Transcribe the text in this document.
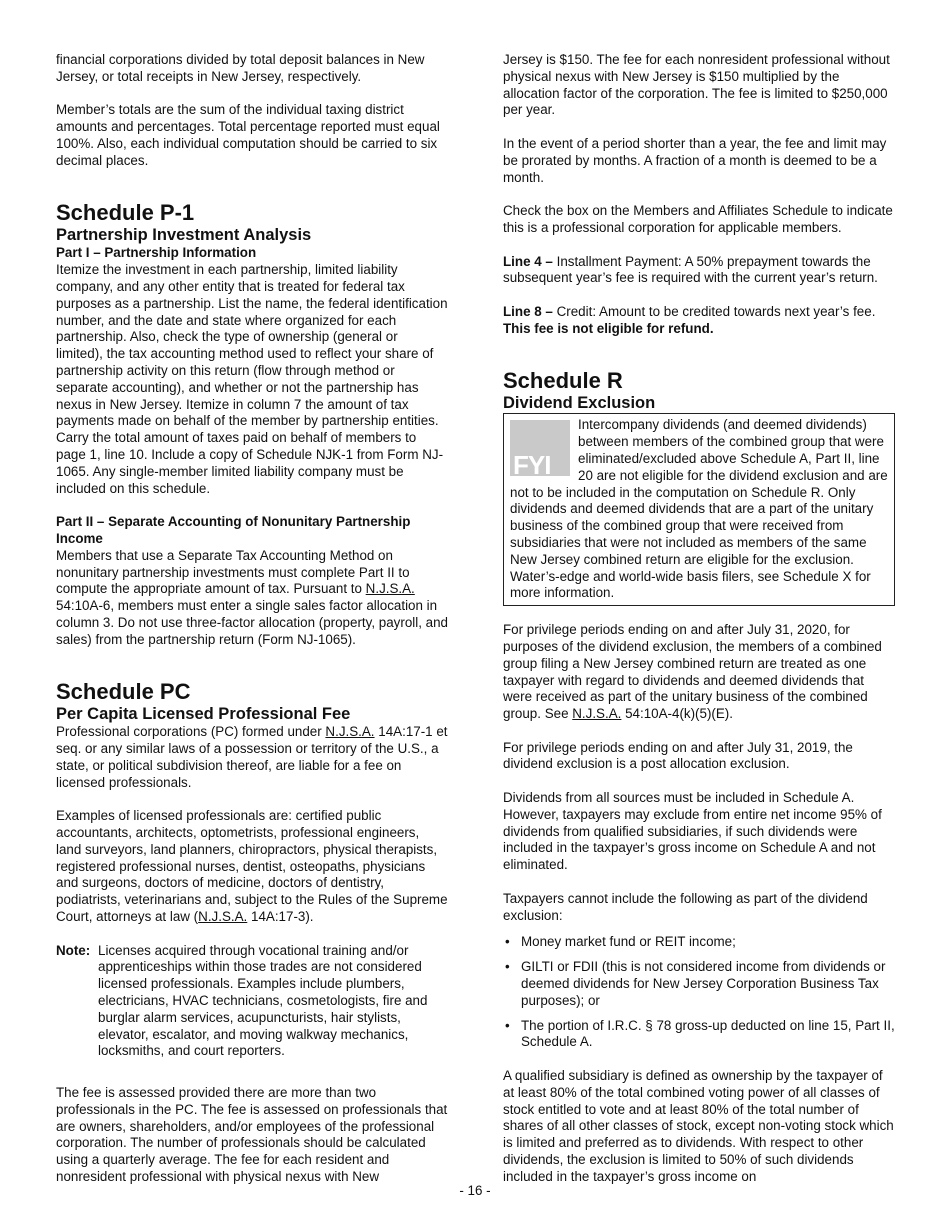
financial corporations divided by total deposit balances in New Jersey, or total receipts in New Jersey, respectively.

Member’s totals are the sum of the individual taxing district amounts and percentages. Total percentage reported must equal 100%. Also, each individual computation should be carried to six decimal places.

Schedule P-1
Partnership Investment Analysis
Part I – Partnership Information

Itemize the investment in each partnership, limited liability company, and any other entity that is treated for federal tax purposes as a partnership. List the name, the federal identification number, and the date and state where organized for each partnership. Also, check the type of ownership (general or limited), the tax accounting method used to reflect your share of partnership activity on this return (flow through method or separate accounting), and whether or not the partnership has nexus in New Jersey. Itemize in column 7 the amount of tax payments made on behalf of the member by partnership entities. Carry the total amount of taxes paid on behalf of members to page 1, line 10. Include a copy of Schedule NJK-1 from Form NJ-1065. Any single-member limited liability company must be included on this schedule.

Part II – Separate Accounting of Nonunitary Partnership Income

Members that use a Separate Tax Accounting Method on nonunitary partnership investments must complete Part II to compute the appropriate amount of tax. Pursuant to N.J.S.A. 54:10A-6, members must enter a single sales factor allocation in column 3. Do not use three-factor allocation (property, payroll, and sales) from the partnership return (Form NJ-1065).

Schedule PC
Per Capita Licensed Professional Fee

Professional corporations (PC) formed under N.J.S.A. 14A:17-1 et seq. or any similar laws of a possession or territory of the U.S., a state, or political subdivision thereof, are liable for a fee on licensed professionals.

Examples of licensed professionals are: certified public accountants, architects, optometrists, professional engineers, land surveyors, land planners, chiropractors, physical therapists, registered professional nurses, dentist, osteopaths, physicians and surgeons, doctors of medicine, doctors of dentistry, podiatrists, veterinarians and, subject to the Rules of the Supreme Court, attorneys at law (N.J.S.A. 14A:17-3).

Note: Licenses acquired through vocational training and/or apprenticeships within those trades are not considered licensed professionals. Examples include plumbers, electricians, HVAC technicians, cosmetologists, fire and burglar alarm services, acupuncturists, hair stylists, elevator, escalator, and moving walkway mechanics, locksmiths, and court reporters.

The fee is assessed provided there are more than two professionals in the PC. The fee is assessed on professionals that are owners, shareholders, and/or employees of the professional corporation. The number of professionals should be calculated using a quarterly average. The fee for each resident and nonresident professional with physical nexus with New

Jersey is $150. The fee for each nonresident professional without physical nexus with New Jersey is $150 multiplied by the allocation factor of the corporation. The fee is limited to $250,000 per year.

In the event of a period shorter than a year, the fee and limit may be prorated by months. A fraction of a month is deemed to be a month.

Check the box on the Members and Affiliates Schedule to indicate this is a professional corporation for applicable members.

Line 4 – Installment Payment: A 50% prepayment towards the subsequent year’s fee is required with the current year’s return.

Line 8 – Credit: Amount to be credited towards next year’s fee. This fee is not eligible for refund.

Schedule R
Dividend Exclusion
FYI

Intercompany dividends (and deemed dividends) between members of the combined group that were eliminated/excluded above Schedule A, Part II, line 20 are not eligible for the dividend exclusion and are not to be included in the computation on Schedule R. Only dividends and deemed dividends that are a part of the unitary business of the combined group that were received from subsidiaries that were not included as members of the same New Jersey combined return are eligible for the exclusion. Water’s-edge and world-wide basis filers, see Schedule X for more information.

For privilege periods ending on and after July 31, 2020, for purposes of the dividend exclusion, the members of a combined group filing a New Jersey combined return are treated as one taxpayer with regard to dividends and deemed dividends that were received as part of the unitary business of the combined group. See N.J.S.A. 54:10A-4(k)(5)(E).

For privilege periods ending on and after July 31, 2019, the dividend exclusion is a post allocation exclusion.

Dividends from all sources must be included in Schedule A. However, taxpayers may exclude from entire net income 95% of dividends from qualified subsidiaries, if such dividends were included in the taxpayer’s gross income on Schedule A and not eliminated.

Taxpayers cannot include the following as part of the dividend exclusion:

• Money market fund or REIT income;
• GILTI or FDII (this is not considered income from dividends or deemed dividends for New Jersey Corporation Business Tax purposes); or
• The portion of I.R.C. § 78 gross-up deducted on line 15, Part II, Schedule A.

A qualified subsidiary is defined as ownership by the taxpayer of at least 80% of the total combined voting power of all classes of stock entitled to vote and at least 80% of the total number of shares of all other classes of stock, except non-voting stock which is limited and preferred as to dividends. With respect to other dividends, the exclusion is limited to 50% of such dividends included in the taxpayer’s gross income on

- 16 -
